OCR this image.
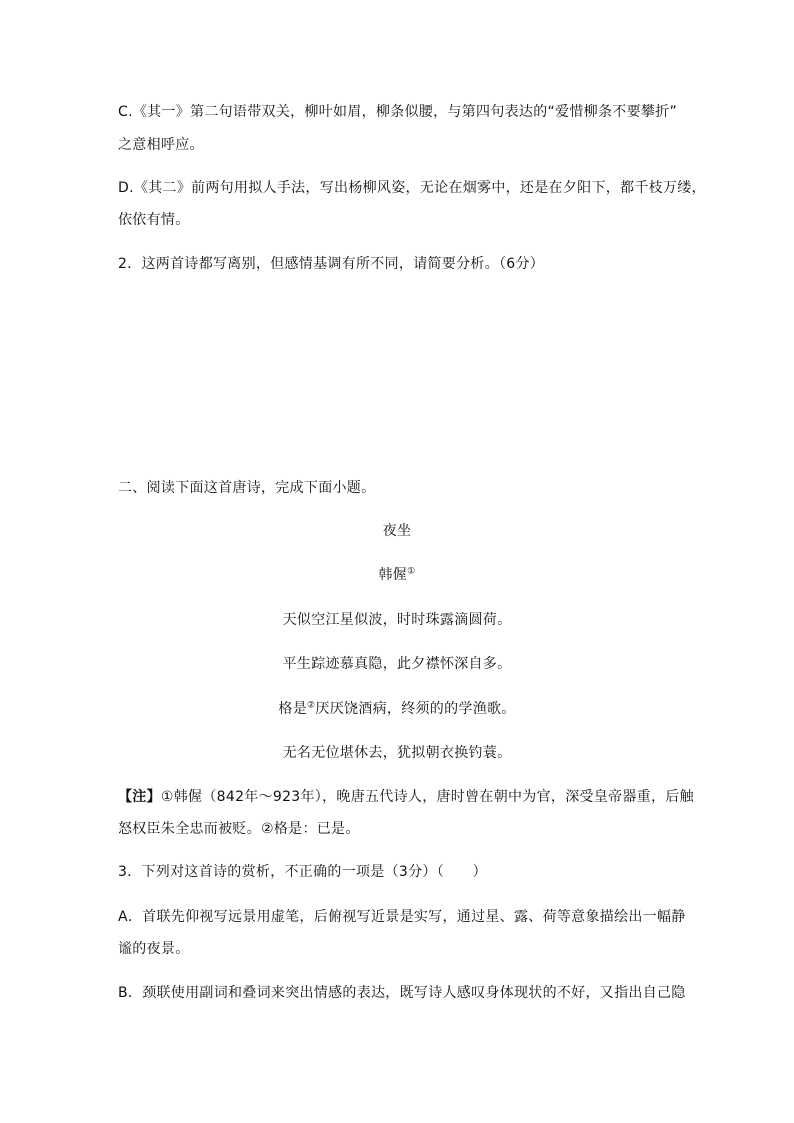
C.《其一》第二句语带双关，柳叶如眉，柳条似腰，与第四句表达的“爱惜柳条不要攀折”
之意相呼应。
D.《其二》前两句用拟人手法，写出杨柳风姿，无论在烟雾中，还是在夕阳下，都千枝万缕，
依依有情。
2．这两首诗都写离别，但感情基调有所不同，请简要分析。（6分）
二、阅读下面这首唐诗，完成下面小题。
夜坐
韩偓①
天似空江星似波，时时珠露滴圆荷。
平生踪迹慕真隐，此夕襟怀深自多。
格是②厌厌饶酒病，终须的的学渔歌。
无名无位堪休去，犹拟朝衣换钓蓑。
【注】①韩偓（842年～923年），晚唐五代诗人，唐时曾在朝中为官，深受皇帝器重，后触
怒权臣朱全忠而被贬。②格是：已是。
3．下列对这首诗的赏析，不正确的一项是（3分）（　　）
A．首联先仰视写远景用虚笔，后俯视写近景是实写，通过星、露、荷等意象描绘出一幅静
谧的夜景。
B．颈联使用副词和叠词来突出情感的表达，既写诗人感叹身体现状的不好，又指出自己隐
